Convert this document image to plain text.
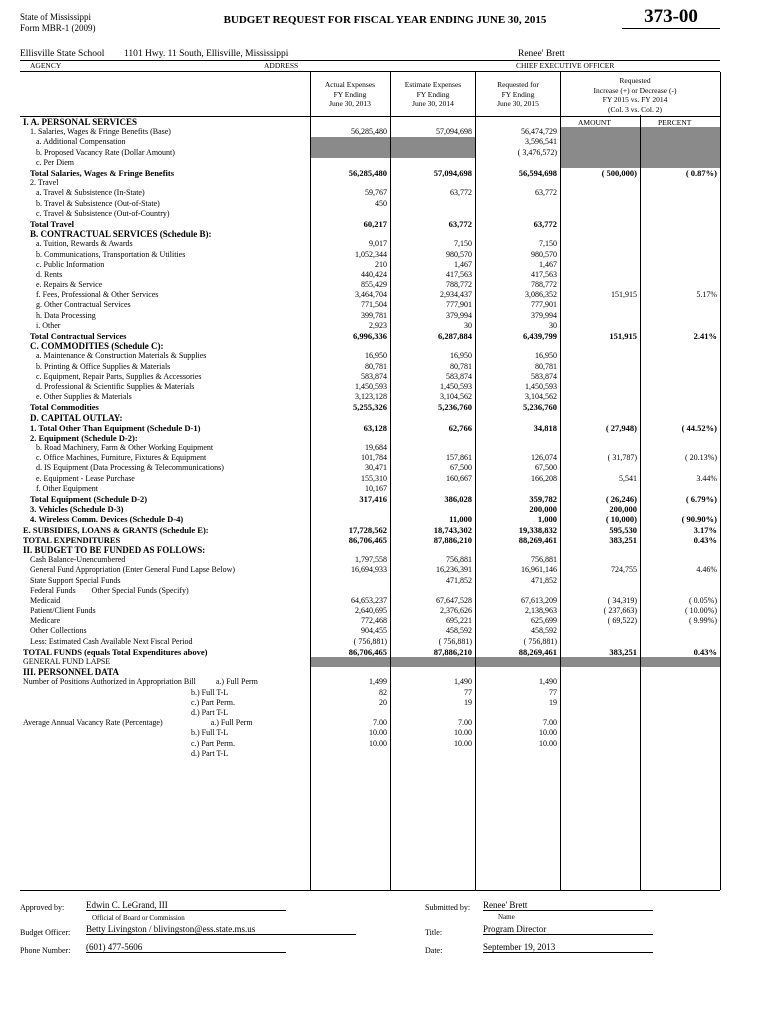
State of Mississippi
Form MBR-1 (2009)
BUDGET REQUEST FOR FISCAL YEAR ENDING JUNE 30, 2015	373-00
Ellisville State School 1101 Hwy. 11 South, Ellisville, Mississippi	Renee' Brett
AGENCY	ADDRESS	CHIEF EXECUTIVE OFFICER
Actual Expenses
FY Ending
June 30, 2013
Estimate Expenses
FY Ending
June 30, 2014
Requested for
FY Ending
June 30, 2015
Requested
Increase (+) or Decrease (-)
FY 2015 vs. FY 2014
(Col. 3 vs. Col. 2)
AMOUNT	PERCENT
I. A. PERSONAL SERVICES					
1. Salaries, Wages & Fringe Benefits (Base)	56,285,480	57,094,698	56,474,729		
a. Additional Compensation			3,596,541		
b. Proposed Vacancy Rate (Dollar Amount)			( 3,476,572)		
c. Per Diem					
Total Salaries, Wages & Fringe Benefits	56,285,480	57,094,698	56,594,698	( 500,000)	( 0.87%)
2. Travel					
a. Travel & Subsistence (In-State)	59,767	63,772	63,772		
b. Travel & Subsistence (Out-of-State)	450				
c. Travel & Subsistence (Out-of-Country)					
Total Travel	60,217	63,772	63,772		
B. CONTRACTUAL SERVICES (Schedule B):					
a. Tuition, Rewards & Awards	9,017	7,150	7,150		
b. Communications, Transportation & Utilities	1,052,344	980,570	980,570		
c. Public Information	210	1,467	1,467		
d. Rents	440,424	417,563	417,563		
e. Repairs & Service	855,429	788,772	788,772		
f. Fees, Professional & Other Services	3,464,704	2,934,437	3,086,352	151,915	5.17%
g. Other Contractual Services	771,504	777,901	777,901		
h. Data Processing	399,781	379,994	379,994		
i. Other	2,923	30	30		
Total Contractual Services	6,996,336	6,287,884	6,439,799	151,915	2.41%
C. COMMODITIES (Schedule C):					
a. Maintenance & Construction Materials & Supplies	16,950	16,950	16,950		
b. Printing & Office Supplies & Materials	80,781	80,781	80,781		
c. Equipment, Repair Parts, Supplies & Accessories	583,874	583,874	583,874		
d. Professional & Scientific Supplies & Materials	1,450,593	1,450,593	1,450,593		
e. Other Supplies & Materials	3,123,128	3,104,562	3,104,562		
Total Commodities	5,255,326	5,236,760	5,236,760		
D. CAPITAL OUTLAY:					
1. Total Other Than Equipment (Schedule D-1)	63,128	62,766	34,818	( 27,948)	( 44.52%)
2. Equipment (Schedule D-2):					
b. Road Machinery, Farm & Other Working Equipment	19,684				
c. Office Machines, Furniture, Fixtures & Equipment	101,784	157,861	126,074	( 31,787)	( 20.13%)
d. IS Equipment (Data Processing & Telecommunications)	30,471	67,500	67,500		
e. Equipment - Lease Purchase	155,310	160,667	166,208	5,541	3.44%
f. Other Equipment	10,167				
Total Equipment (Schedule D-2)	317,416	386,028	359,782	( 26,246)	( 6.79%)
3. Vehicles (Schedule D-3)			200,000	200,000	
4. Wireless Comm. Devices (Schedule D-4)		11,000	1,000	( 10,000)	( 90.90%)
E. SUBSIDIES, LOANS & GRANTS (Schedule E):	17,728,562	18,743,302	19,338,832	595,530	3.17%
TOTAL EXPENDITURES	86,706,465	87,886,210	88,269,461	383,251	0.43%
II. BUDGET TO BE FUNDED AS FOLLOWS:					
Cash Balance-Unencumbered	1,797,558	756,881	756,881		
General Fund Appropriation (Enter General Fund Lapse Below)	16,694,933	16,236,391	16,961,146	724,755	4.46%
State Support Special Funds		471,852	471,852		
Federal Funds        Other Special Funds (Specify)					
Medicaid	64,653,237	67,647,528	67,613,209	( 34,319)	( 0.05%)
Patient/Client Funds	2,640,695	2,376,626	2,138,963	( 237,663)	( 10.00%)
Medicare	772,468	695,221	625,699	( 69,522)	( 9.99%)
Other Collections	904,455	458,592	458,592		
Less: Estimated Cash Available Next Fiscal Period	( 756,881)	( 756,881)	( 756,881)		
TOTAL FUNDS (equals Total Expenditures above)	86,706,465	87,886,210	88,269,461	383,251	0.43%
GENERAL FUND LAPSE					
III. PERSONNEL DATA					
Number of Positions Authorized in Appropriation Bill          a.) Full Perm	1,499	1,490	1,490		
b.) Full T-L	82	77	77		
c.) Part Perm.	20	19	19		
d.) Part T-L					
Average Annual Vacancy Rate (Percentage)                        a.) Full Perm	7.00	7.00	7.00		
b.) Full T-L	10.00	10.00	10.00		
c.) Part Perm.	10.00	10.00	10.00		
d.) Part T-L					
Approved by: Edwin C. LeGrand, III
Official of Board or Commission
Budget Officer: Betty Livingston / blivingston@ess.state.ms.us
Phone Number: (601) 477-5606
Submitted by: Renee' Brett
Name
Title:	Program Director
Date:	September 19, 2013
